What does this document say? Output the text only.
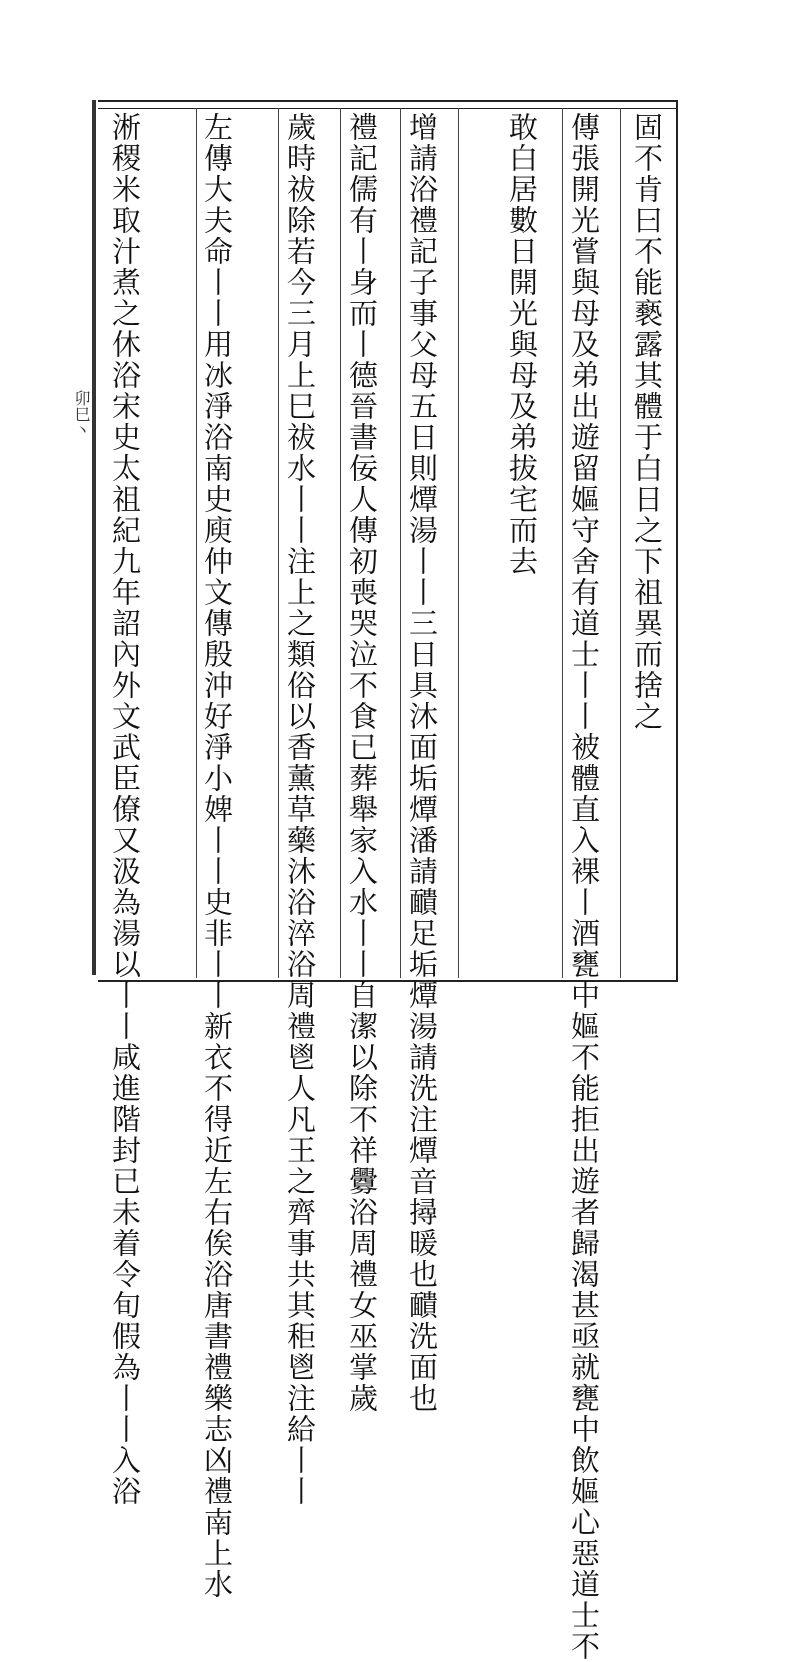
卯巳丶	固不肯曰不能褻露其體于白日之下祖異而捨之
傳張開光嘗與母及弟出遊留嫗守舍有道士丨丨被體直入裸丨酒甕中嫗不能拒出遊者歸渴甚亟就甕中飲嫗心惡道士不
敢白居數日開光與母及弟拔宅而去
增請浴禮記子事父母五日則燂湯丨丨三日具沐面垢燂潘請靧足垢燂湯請洗注燂音撏暖也靧洗面也
禮記儒有丨身而丨德晉書佞人傳初喪哭泣不食已葬舉家入水丨丨自潔以除不祥釁浴周禮女巫掌歲
歲時祓除若今三月上巳祓水丨丨注上之類俗以香薰草藥沐浴淬浴周禮鬯人凡王之齊事共其秬鬯注給丨丨
左傳大夫命丨丨用冰淨浴南史庾仲文傳殷沖好淨小婢丨丨史非丨丨新衣不得近左右俟浴唐書禮樂志凶禮南上水
淅稷米取汁煮之休浴宋史太祖紀九年詔內外文武臣僚又汲為湯以丨丨咸進階封已未着令旬假為丨丨入浴
